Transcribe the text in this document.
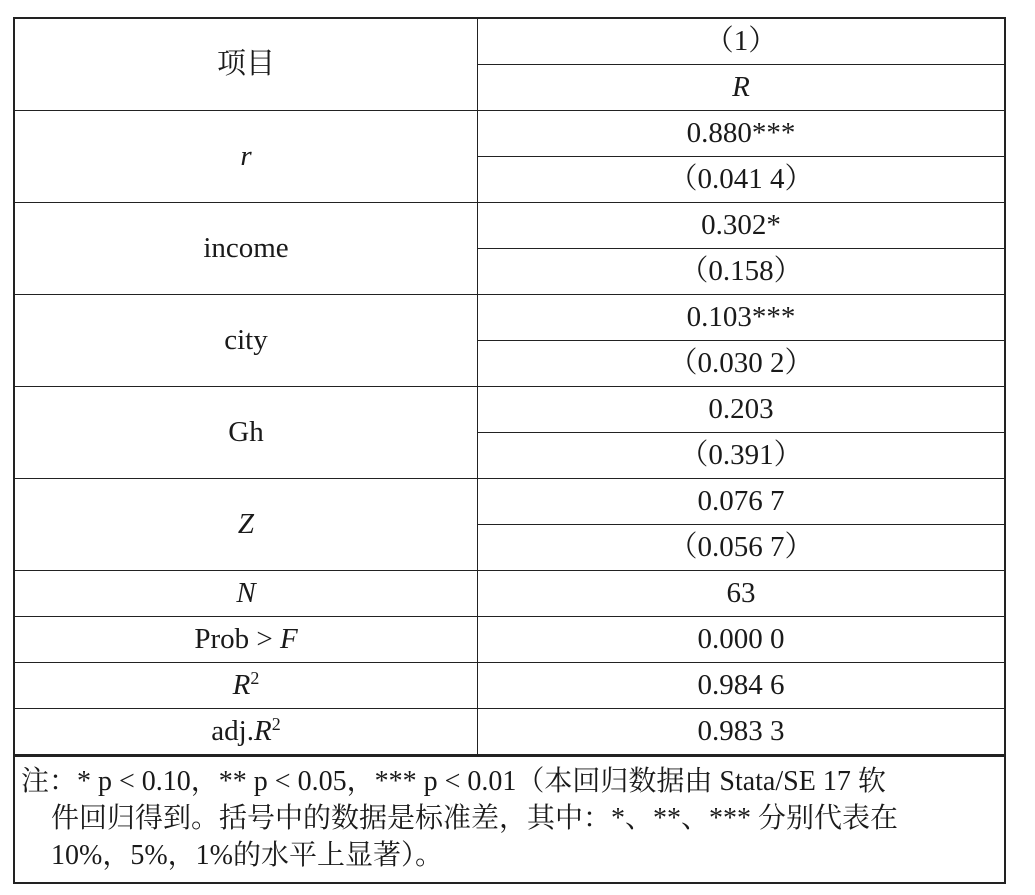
项目	（1）
	R
r	0.880***
	（0.041 4）
income	0.302*
	（0.158）
city	0.103***
	（0.030 2）
Gh	0.203
	（0.391）
Z	0.076 7
	（0.056 7）
N	63
Prob > F	0.000 0
$R^2$	0.984 6
$adj.R^2$	0.983 3
注：* p < 0.10，** p < 0.05，*** p < 0.01（本回归数据由 Stata/SE 17 软
件回归得到。括号中的数据是标准差，其中：*、**、*** 分别代表在
10%，5%，1%的水平上显著）。
